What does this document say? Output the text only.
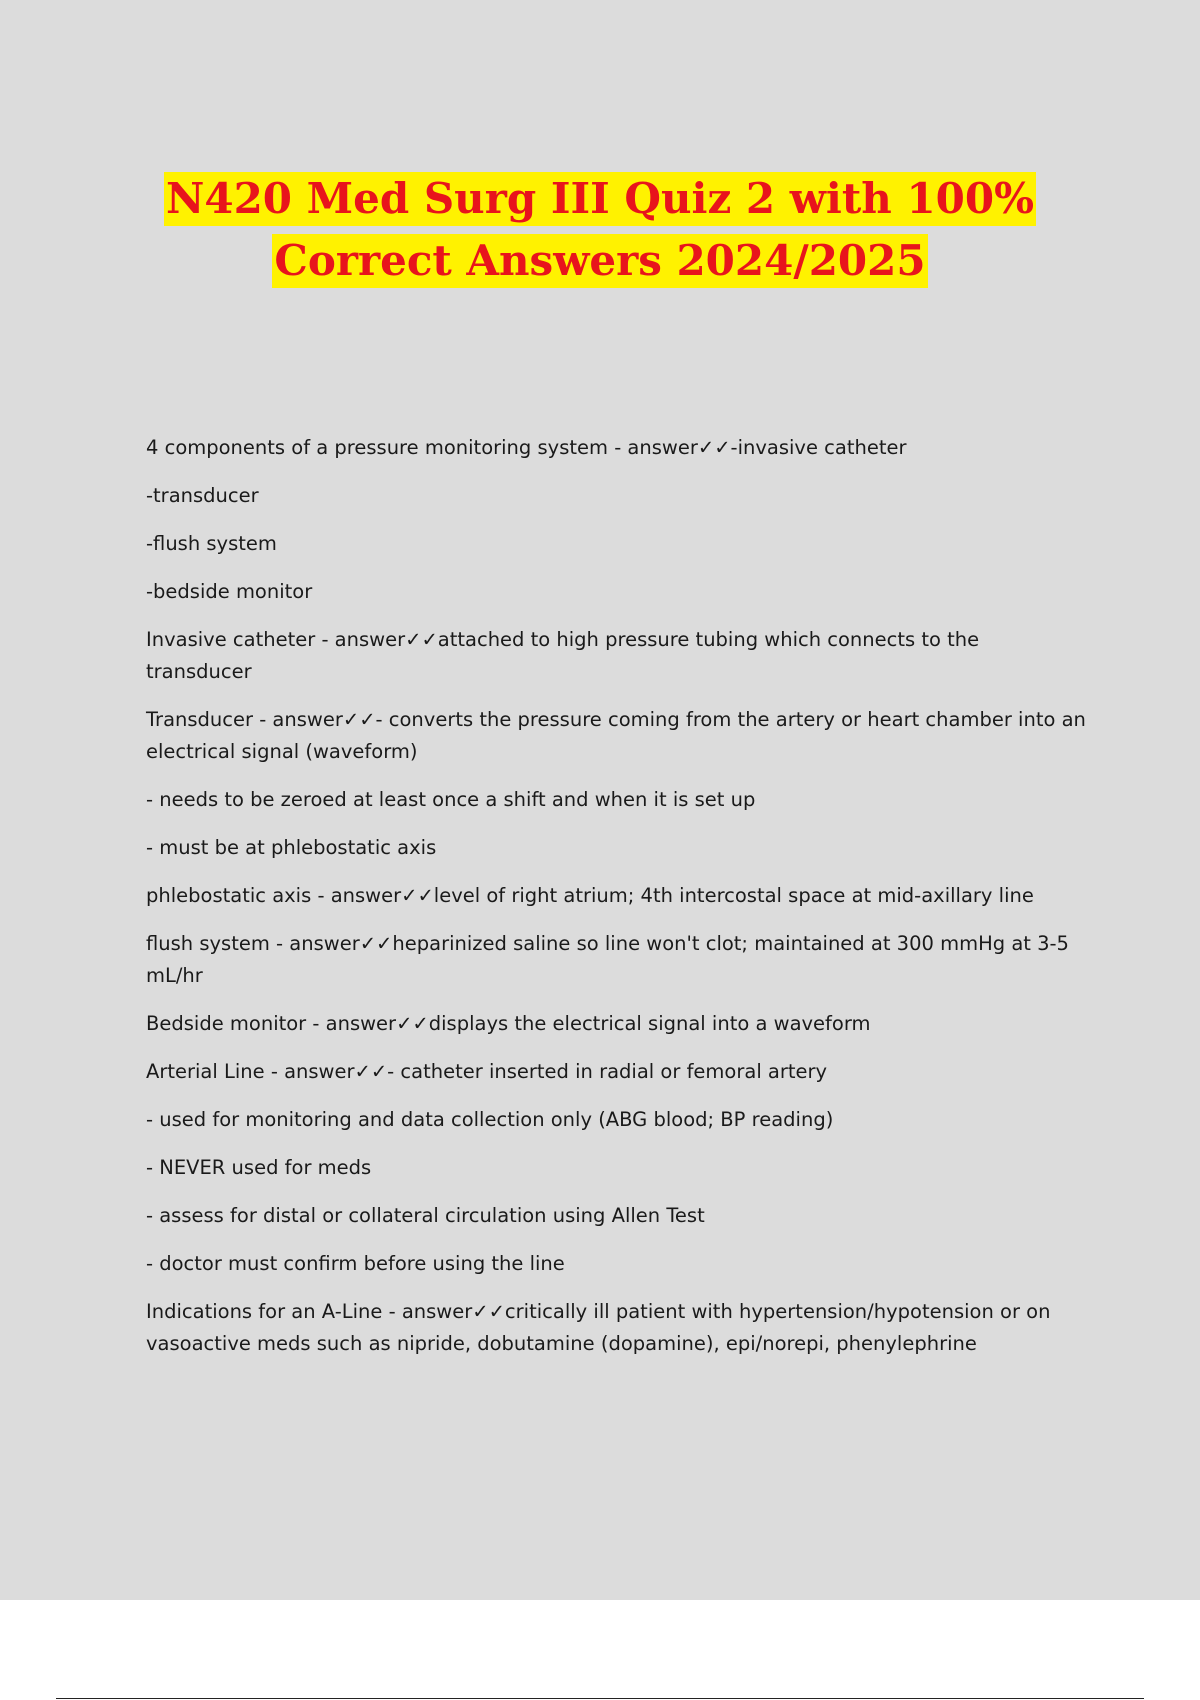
N420 Med Surg III Quiz 2 with 100%
Correct Answers 2024/2025

4 components of a pressure monitoring system - answer✓✓-invasive catheter

-transducer

-flush system

-bedside monitor

Invasive catheter - answer✓✓attached to high pressure tubing which connects to the transducer

Transducer - answer✓✓- converts the pressure coming from the artery or heart chamber into an electrical signal (waveform)

- needs to be zeroed at least once a shift and when it is set up

- must be at phlebostatic axis

phlebostatic axis - answer✓✓level of right atrium; 4th intercostal space at mid-axillary line

flush system - answer✓✓heparinized saline so line won't clot; maintained at 300 mmHg at 3-5 mL/hr

Bedside monitor - answer✓✓displays the electrical signal into a waveform

Arterial Line - answer✓✓- catheter inserted in radial or femoral artery

- used for monitoring and data collection only (ABG blood; BP reading)

- NEVER used for meds

- assess for distal or collateral circulation using Allen Test

- doctor must confirm before using the line

Indications for an A-Line - answer✓✓critically ill patient with hypertension/hypotension or on vasoactive meds such as nipride, dobutamine (dopamine), epi/norepi, phenylephrine
